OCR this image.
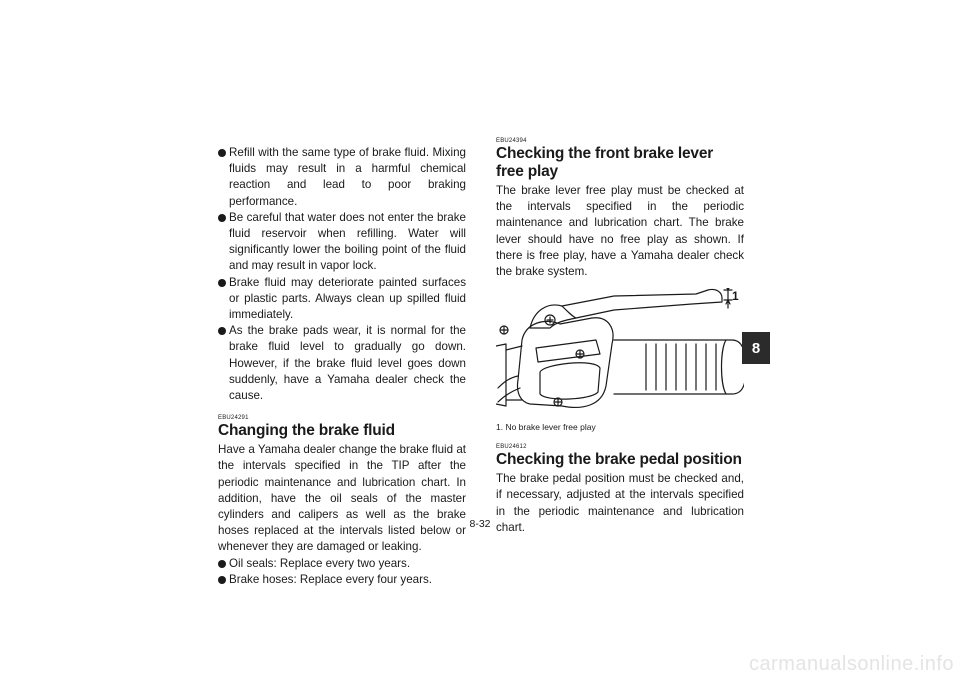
Refill with the same type of brake fluid. Mixing fluids may result in a harmful chemical reaction and lead to poor braking performance.
Be careful that water does not enter the brake fluid reservoir when refilling. Water will significantly lower the boiling point of the fluid and may result in vapor lock.
Brake fluid may deteriorate painted surfaces or plastic parts. Always clean up spilled fluid immediately.
As the brake pads wear, it is normal for the brake fluid level to gradually go down. However, if the brake fluid level goes down suddenly, have a Yamaha dealer check the cause.
EBU24291
Changing the brake fluid

Have a Yamaha dealer change the brake fluid at the intervals specified in the TIP after the periodic maintenance and lubrication chart. In addition, have the oil seals of the master cylinders and calipers as well as the brake hoses replaced at the intervals listed below or whenever they are damaged or leaking.

Oil seals: Replace every two years.
Brake hoses: Replace every four years.
EBU24394
Checking the front brake lever free play

The brake lever free play must be checked at the intervals specified in the periodic maintenance and lubrication chart. The brake lever should have no free play as shown. If there is free play, have a Yamaha dealer check the brake system.

1
1. No brake lever free play
EBU24612
Checking the brake pedal position

The brake pedal position must be checked and, if necessary, adjusted at the intervals specified in the periodic maintenance and lubrication chart.

8-32
8
carmanualsonline.info
